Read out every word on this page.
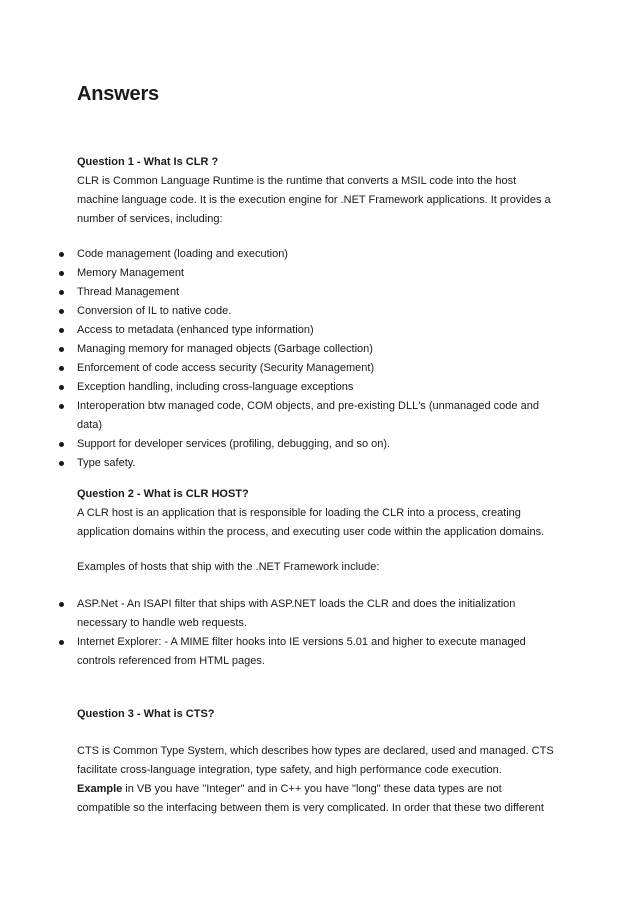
Answers

Question 1 - What Is CLR ?

CLR is Common Language Runtime is the runtime that converts a MSIL code into the host machine language code. It is the execution engine for .NET Framework applications. It provides a number of services, including:

Code management (loading and execution)
Memory Management
Thread Management
Conversion of IL to native code.
Access to metadata (enhanced type information)
Managing memory for managed objects (Garbage collection)
Enforcement of code access security (Security Management)
Exception handling, including cross-language exceptions
Interoperation btw managed code, COM objects, and pre-existing DLL's (unmanaged code and data)
Support for developer services (profiling, debugging, and so on).
Type safety.

Question 2 - What is CLR HOST?

A CLR host is an application that is responsible for loading the CLR into a process, creating application domains within the process, and executing user code within the application domains.

Examples of hosts that ship with the .NET Framework include:

ASP.Net - An ISAPI filter that ships with ASP.NET loads the CLR and does the initialization necessary to handle web requests.
Internet Explorer: - A MIME filter hooks into IE versions 5.01 and higher to execute managed controls referenced from HTML pages.

Question 3 - What is CTS?

CTS is Common Type System, which describes how types are declared, used and managed. CTS facilitate cross-language integration, type safety, and high performance code execution.

Example in VB you have "Integer" and in C++ you have "long" these data types are not compatible so the interfacing between them is very complicated. In order that these two different
